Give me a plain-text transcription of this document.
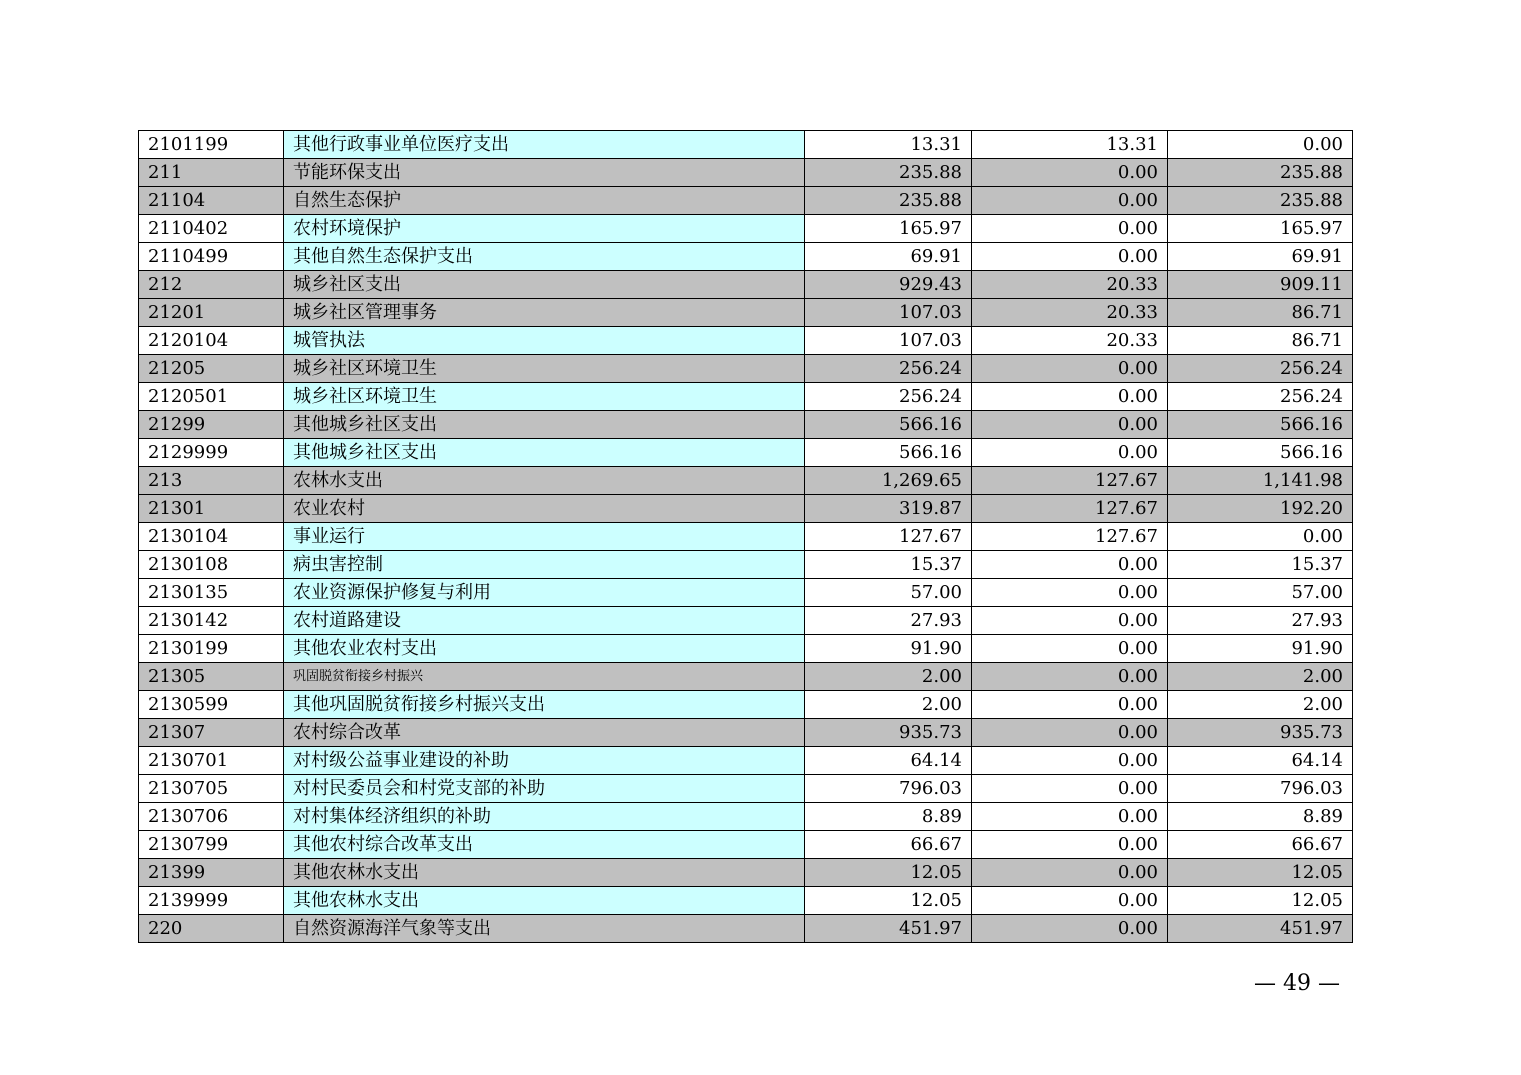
2101199	其他行政事业单位医疗支出	13.31	13.31	0.00
211	节能环保支出	235.88	0.00	235.88
21104	自然生态保护	235.88	0.00	235.88
2110402	农村环境保护	165.97	0.00	165.97
2110499	其他自然生态保护支出	69.91	0.00	69.91
212	城乡社区支出	929.43	20.33	909.11
21201	城乡社区管理事务	107.03	20.33	86.71
2120104	城管执法	107.03	20.33	86.71
21205	城乡社区环境卫生	256.24	0.00	256.24
2120501	城乡社区环境卫生	256.24	0.00	256.24
21299	其他城乡社区支出	566.16	0.00	566.16
2129999	其他城乡社区支出	566.16	0.00	566.16
213	农林水支出	1,269.65	127.67	1,141.98
21301	农业农村	319.87	127.67	192.20
2130104	事业运行	127.67	127.67	0.00
2130108	病虫害控制	15.37	0.00	15.37
2130135	农业资源保护修复与利用	57.00	0.00	57.00
2130142	农村道路建设	27.93	0.00	27.93
2130199	其他农业农村支出	91.90	0.00	91.90
21305	巩固脱贫衔接乡村振兴	2.00	0.00	2.00
2130599	其他巩固脱贫衔接乡村振兴支出	2.00	0.00	2.00
21307	农村综合改革	935.73	0.00	935.73
2130701	对村级公益事业建设的补助	64.14	0.00	64.14
2130705	对村民委员会和村党支部的补助	796.03	0.00	796.03
2130706	对村集体经济组织的补助	8.89	0.00	8.89
2130799	其他农村综合改革支出	66.67	0.00	66.67
21399	其他农林水支出	12.05	0.00	12.05
2139999	其他农林水支出	12.05	0.00	12.05
220	自然资源海洋气象等支出	451.97	0.00	451.97
— 49 —
